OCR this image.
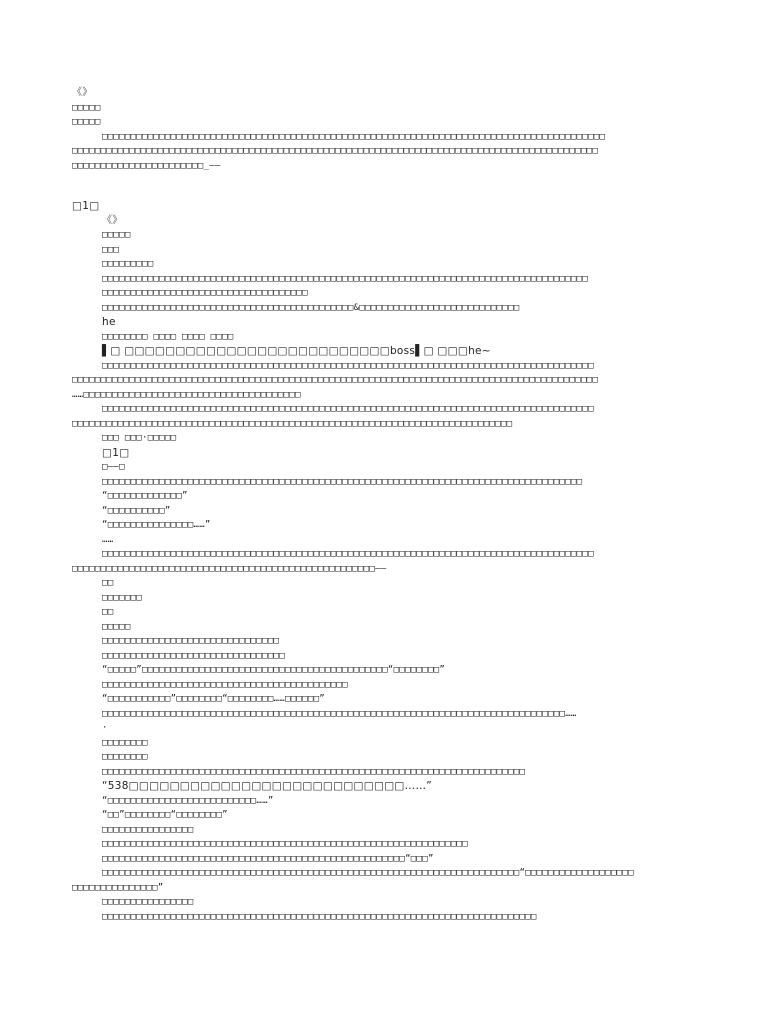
《》
□□□□□
□□□□□
□□□□□□□□□□□□□□□□□□□□□□□□□□□□□□□□□□□□□□□□□□□□□□□□□□□□□□□□□□□□□□□□□□□□□□□□□□□□□□□□□□□□□□□□
□□□□□□□□□□□□□□□□□□□□□□□□□□□□□□□□□□□□□□□□□□□□□□□□□□□□□□□□□□□□□□□□□□□□□□□□□□□□□□□□□□□□□□□□□□□□
□□□□□□□□□□□□□□□□□□□□□□□_——
□1□
《》
□□□□□
□□□
□□□□□□□□□
□□□□□□□□□□□□□□□□□□□□□□□□□□□□□□□□□□□□□□□□□□□□□□□□□□□□□□□□□□□□□□□□□□□□□□□□□□□□□□□□□□□□□
□□□□□□□□□□□□□□□□□□□□□□□□□□□□□□□□□□□□
□□□□□□□□□□□□□□□□□□□□□□□□□□□□□□□□□□□□□□□□□□□□&□□□□□□□□□□□□□□□□□□□□□□□□□□□□
he
□□□□□□□□ □□□□ □□□□ □□□□
▌□ □□□□□□□□□□□□□□□□□□□□□□□□□□boss▌□ □□□he~
□□□□□□□□□□□□□□□□□□□□□□□□□□□□□□□□□□□□□□□□□□□□□□□□□□□□□□□□□□□□□□□□□□□□□□□□□□□□□□□□□□□□□□
□□□□□□□□□□□□□□□□□□□□□□□□□□□□□□□□□□□□□□□□□□□□□□□□□□□□□□□□□□□□□□□□□□□□□□□□□□□□□□□□□□□□□□□□□□□□
……□□□□□□□□□□□□□□□□□□□□□□□□□□□□□□□□□□□□□□
□□□□□□□□□□□□□□□□□□□□□□□□□□□□□□□□□□□□□□□□□□□□□□□□□□□□□□□□□□□□□□□□□□□□□□□□□□□□□□□□□□□□□□
□□□□□□□□□□□□□□□□□□□□□□□□□□□□□□□□□□□□□□□□□□□□□□□□□□□□□□□□□□□□□□□□□□□□□□□□□□□□□
□□□ □□□·□□□□□
□1□
□——□
□□□□□□□□□□□□□□□□□□□□□□□□□□□□□□□□□□□□□□□□□□□□□□□□□□□□□□□□□□□□□□□□□□□□□□□□□□□□□□□□□□□□
“□□□□□□□□□□□□□”
“□□□□□□□□□□”
“□□□□□□□□□□□□□□□……”
……
□□□□□□□□□□□□□□□□□□□□□□□□□□□□□□□□□□□□□□□□□□□□□□□□□□□□□□□□□□□□□□□□□□□□□□□□□□□□□□□□□□□□□□
□□□□□□□□□□□□□□□□□□□□□□□□□□□□□□□□□□□□□□□□□□□□□□□□□□□□□——
□□
□□□□□□□
□□
□□□□□
□□□□□□□□□□□□□□□□□□□□□□□□□□□□□□□
□□□□□□□□□□□□□□□□□□□□□□□□□□□□□□□□
“□□□□□”□□□□□□□□□□□□□□□□□□□□□□□□□□□□□□□□□□□□□□□□□□□“□□□□□□□□”
□□□□□□□□□□□□□□□□□□□□□□□□□□□□□□□□□□□□□□□□□□□
“□□□□□□□□□□□”□□□□□□□□“□□□□□□□□……□□□□□□”
□□□□□□□□□□□□□□□□□□□□□□□□□□□□□□□□□□□□□□□□□□□□□□□□□□□□□□□□□□□□□□□□□□□□□□□□□□□□□□□□□……
·
□□□□□□□□
□□□□□□□□
□□□□□□□□□□□□□□□□□□□□□□□□□□□□□□□□□□□□□□□□□□□□□□□□□□□□□□□□□□□□□□□□□□□□□□□□□□
“538□□□□□□□□□□□□□□□□□□□□□□□□□□□……”
“□□□□□□□□□□□□□□□□□□□□□□□□□□……”
“□□”□□□□□□□□“□□□□□□□□”
□□□□□□□□□□□□□□□□
□□□□□□□□□□□□□□□□□□□□□□□□□□□□□□□□□□□□□□□□□□□□□□□□□□□□□□□□□□□□□□□□
□□□□□□□□□□□□□□□□□□□□□□□□□□□□□□□□□□□□□□□□□□□□□□□□□□□□□“□□□”
□□□□□□□□□□□□□□□□□□□□□□□□□□□□□□□□□□□□□□□□□□□□□□□□□□□□□□□□□□□□□□□□□□□□□□□□□“□□□□□□□□□□□□□□□□□□□
□□□□□□□□□□□□□□□”
□□□□□□□□□□□□□□□□
□□□□□□□□□□□□□□□□□□□□□□□□□□□□□□□□□□□□□□□□□□□□□□□□□□□□□□□□□□□□□□□□□□□□□□□□□□□□
